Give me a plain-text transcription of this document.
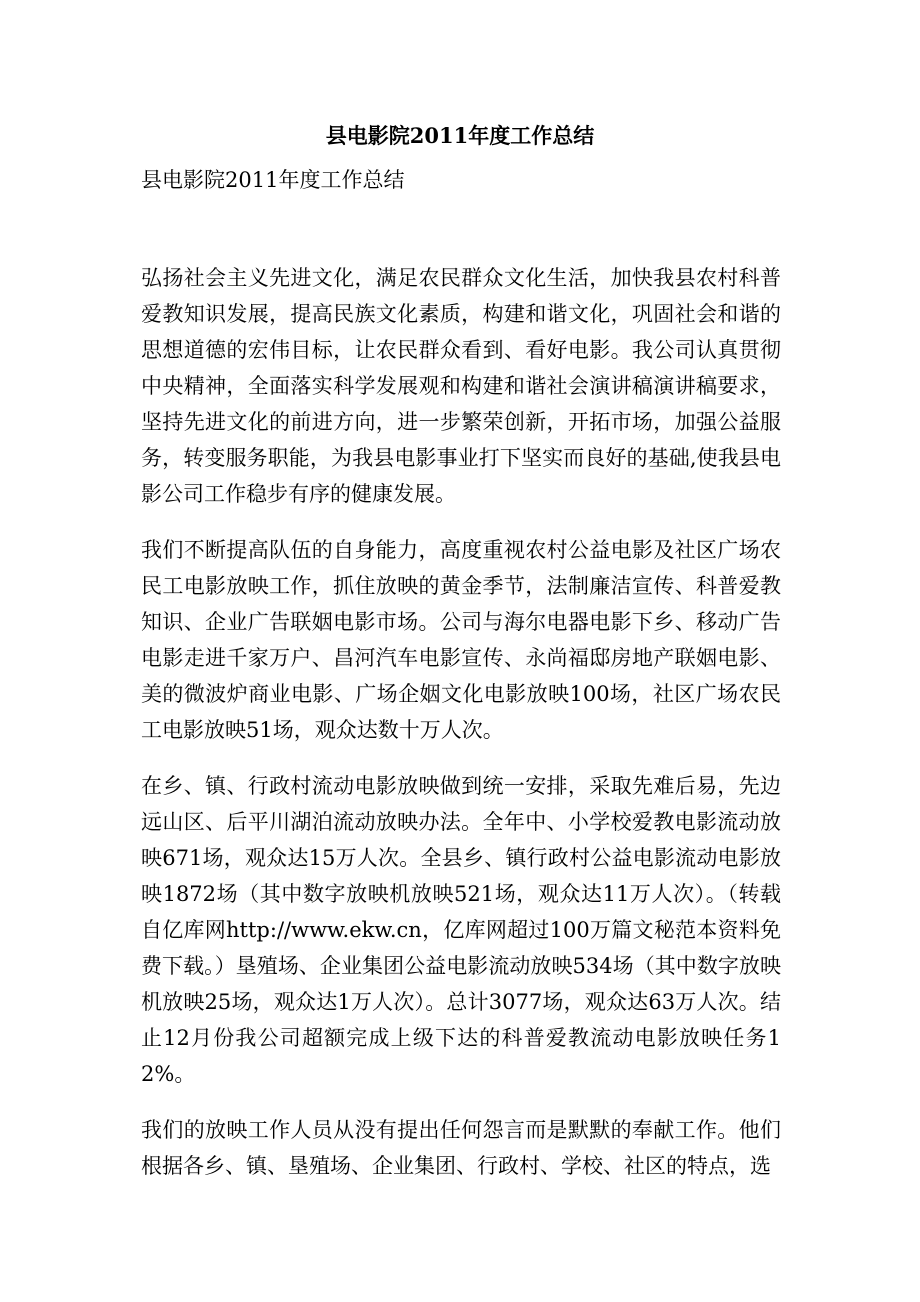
县电影院2011年度工作总结

县电影院2011年度工作总结

弘扬社会主义先进文化，满足农民群众文化生活，加快我县农村科普爱教知识发展，提高民族文化素质，构建和谐文化，巩固社会和谐的思想道德的宏伟目标，让农民群众看到、看好电影。我公司认真贯彻中央精神，全面落实科学发展观和构建和谐社会演讲稿演讲稿要求，坚持先进文化的前进方向，进一步繁荣创新，开拓市场，加强公益服务，转变服务职能，为我县电影事业打下坚实而良好的基础,使我县电影公司工作稳步有序的健康发展。

我们不断提高队伍的自身能力，高度重视农村公益电影及社区广场农民工电影放映工作，抓住放映的黄金季节，法制廉洁宣传、科普爱教知识、企业广告联姻电影市场。公司与海尔电器电影下乡、移动广告电影走进千家万户、昌河汽车电影宣传、永尚福邸房地产联姻电影、美的微波炉商业电影、广场企姻文化电影放映100场，社区广场农民工电影放映51场，观众达数十万人次。

在乡、镇、行政村流动电影放映做到统一安排，采取先难后易，先边远山区、后平川湖泊流动放映办法。全年中、小学校爱教电影流动放映671场，观众达15万人次。全县乡、镇行政村公益电影流动电影放映1872场（其中数字放映机放映521场，观众达11万人次）。（转载自亿库网http://www.ekw.cn，亿库网超过100万篇文秘范本资料免费下载。）垦殖场、企业集团公益电影流动放映534场（其中数字放映机放映25场，观众达1万人次）。总计3077场，观众达63万人次。结止12月份我公司超额完成上级下达的科普爱教流动电影放映任务12%。

我们的放映工作人员从没有提出任何怨言而是默默的奉献工作。他们根据各乡、镇、垦殖场、企业集团、行政村、学校、社区的特点，选
